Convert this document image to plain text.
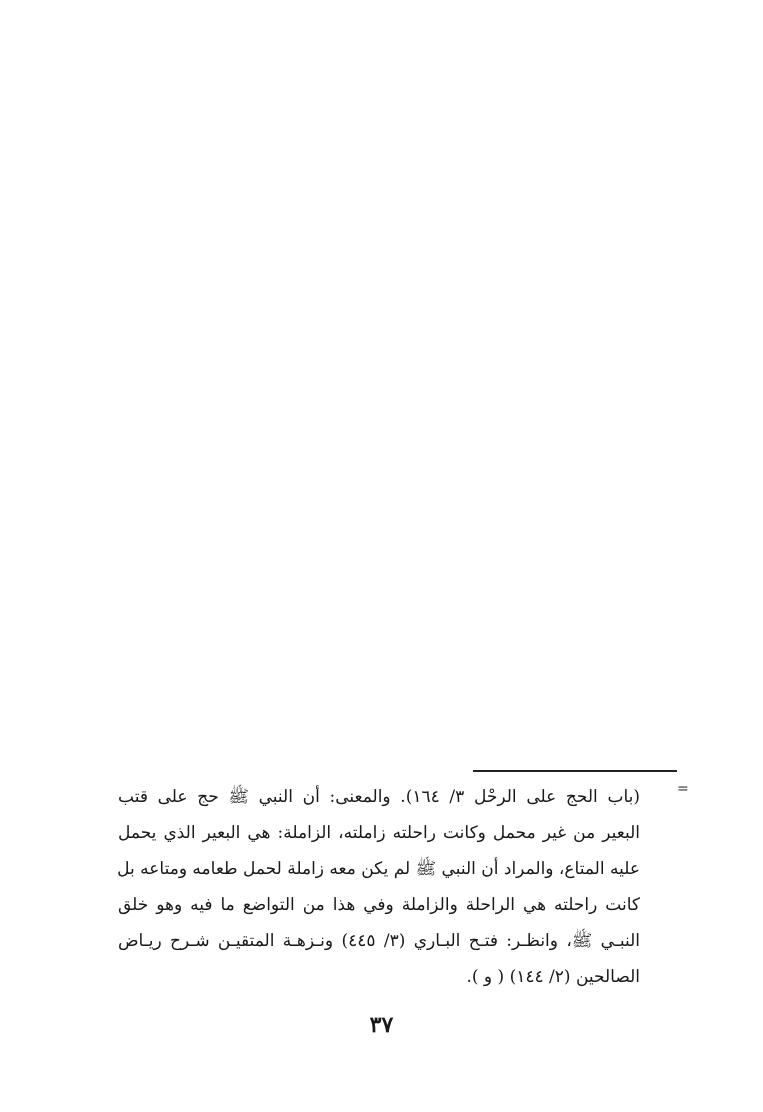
=
(باب الحج على الرحْل ٣/ ١٦٤). والمعنى: أن النبي ﷺ حج على قتب
البعير من غير محمل وكانت راحلته زاملته، الزاملة: هي البعير الذي يحمل
عليه المتاع، والمراد أن النبي ﷺ لم يكن معه زاملة لحمل طعامه ومتاعه بل
كانت راحلته هي الراحلة والزاملة وفي هذا من التواضع ما فيه وهو خلق
النبـي ﷺ، وانظـر: فتـح البـاري (٣/ ٤٤٥) ونـزهـة المتقيـن شـرح ريـاض
الصالحين (٢/ ١٤٤) ( و ).
٣٧
